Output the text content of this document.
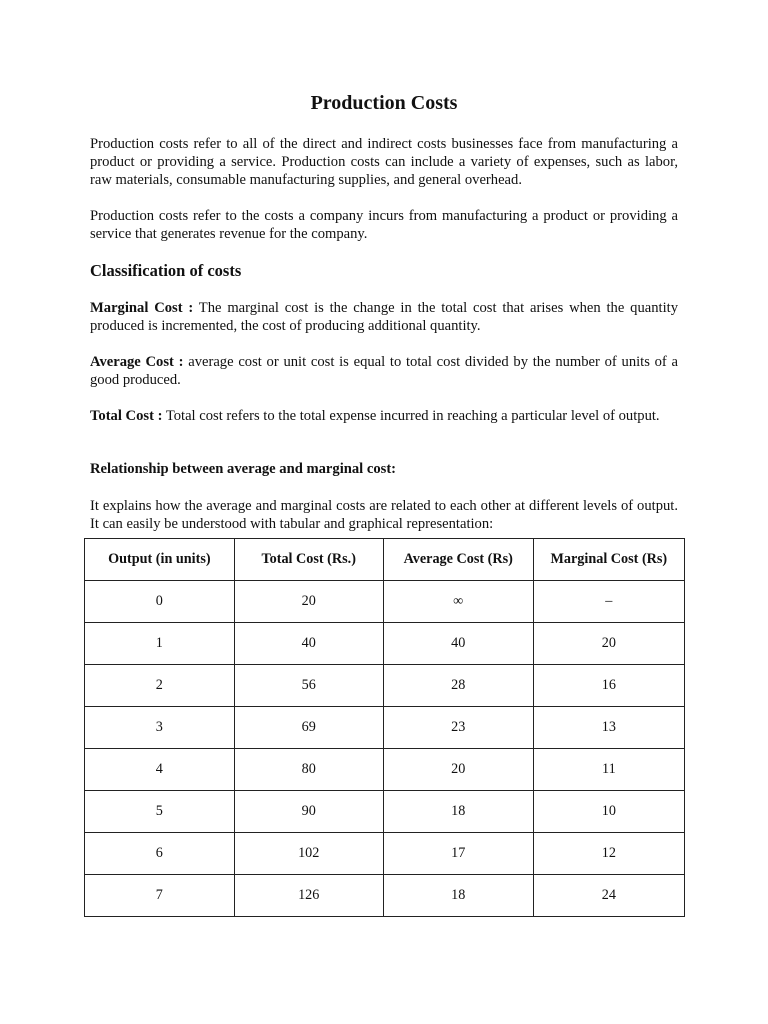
Production Costs

Production costs refer to all of the direct and indirect costs businesses face from manufacturing a product or providing a service. Production costs can include a variety of expenses, such as labor, raw materials, consumable manufacturing supplies, and general overhead.

Production costs refer to the costs a company incurs from manufacturing a product or providing a service that generates revenue for the company.

Classification of costs

Marginal Cost : The marginal cost is the change in the total cost that arises when the quantity produced is incremented, the cost of producing additional quantity.

Average Cost : average cost or unit cost is equal to total cost divided by the number of units of a good produced.

Total Cost : Total cost refers to the total expense incurred in reaching a particular level of output.

Relationship between average and marginal cost:

It explains how the average and marginal costs are related to each other at different levels of output. It can easily be understood with tabular and graphical representation:

Output (in units)	Total Cost (Rs.)	Average Cost (Rs)	Marginal Cost (Rs)
0	20	∞	–
1	40	40	20
2	56	28	16
3	69	23	13
4	80	20	11
5	90	18	10
6	102	17	12
7	126	18	24
